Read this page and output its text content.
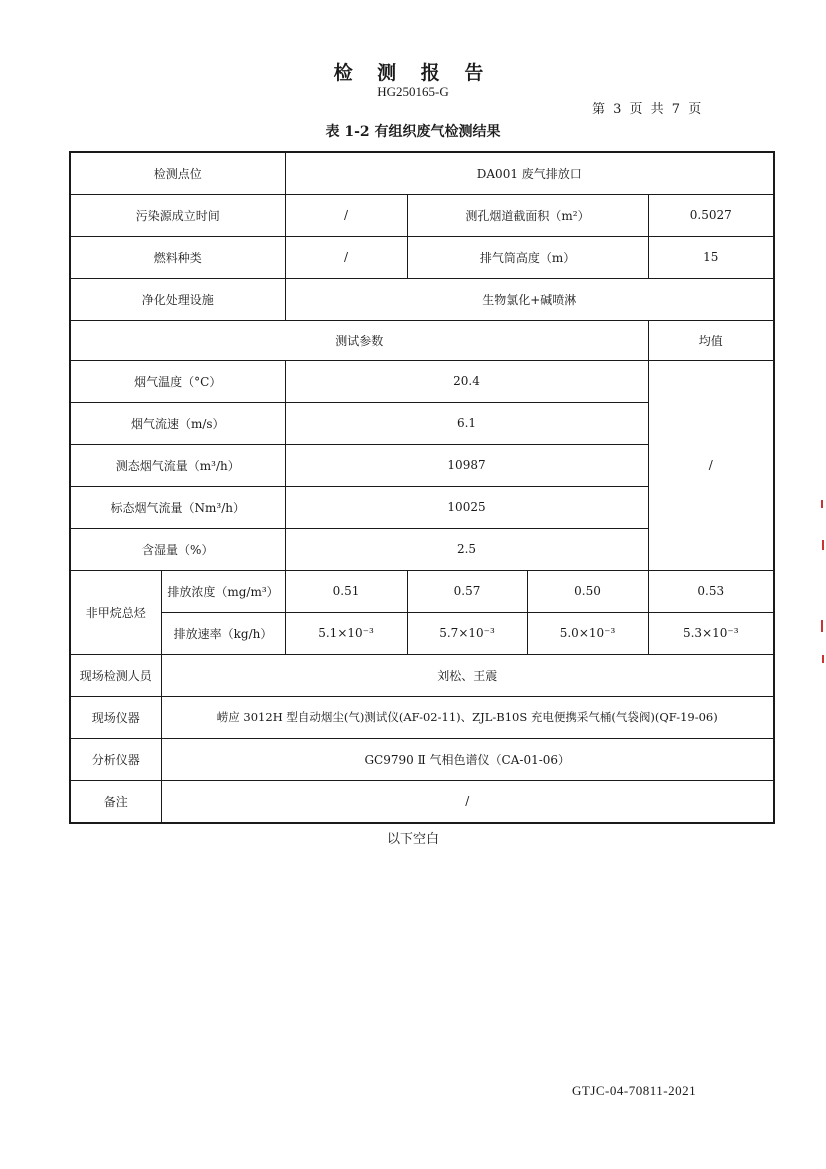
检 测 报 告
HG250165-G
第 3 页 共 7 页
表 1-2 有组织废气检测结果
检测点位		DA001 废气排放口			
污染源成立时间		/	测孔烟道截面积（m²）		0.5027
燃料种类		/	排气筒高度（m）		15
净化处理设施		生物氯化+碱喷淋			
测试参数					均值
烟气温度（°C）		20.4			/
烟气流速（m/s）		6.1			
测态烟气流量（m³/h）		10987			
标态烟气流量（Nm³/h）		10025			
含湿量（%）		2.5			
非甲烷总烃	排放浓度（mg/m³）	0.51	0.57	0.50	0.53
	排放速率（kg/h）	5.1×10⁻³	5.7×10⁻³	5.0×10⁻³	5.3×10⁻³
现场检测人员	刘松、王震				
现场仪器	崂应 3012H 型自动烟尘(气)测试仪(AF-02-11)、ZJL-B10S 充电便携采气桶(气袋阀)(QF-19-06)				
分析仪器	GC9790 Ⅱ 气相色谱仪（CA-01-06）				
备注	/				
以下空白
GTJC-04-70811-2021
